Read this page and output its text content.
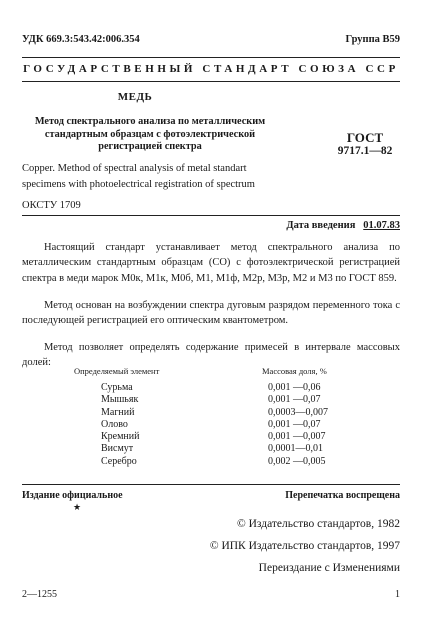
УДК 669.3:543.42:006.354	Группа В59
ГОСУДАРСТВЕННЫЙ СТАНДАРТ СОЮЗА ССР
МЕДЬ
Метод спектрального анализа по металлическим стандартным образцам с фотоэлектрической регистрацией спектра
ГОСТ
9717.1—82
Copper. Method of spectral analysis of metal standart
specimens with photoelectrical registration of spectrum
ОКСТУ 1709
Дата введения 01.07.83
Настоящий стандарт устанавливает метод спектрального анализа по металлическим стандартным образцам (СО) с фотоэлектрической регистрацией спектра в меди марок М0к, М1к, М0б, М1, М1ф, М2р, М3р, М2 и М3 по ГОСТ 859.
Метод основан на возбуждении спектра дуговым разрядом переменного тока с последующей регистрацией его оптическим квантометром.
Метод позволяет определять содержание примесей в интервале массовых долей:
Определяемый элемент	Массовая доля, %
Сурьма	0,001 —0,06
Мышьяк	0,001 —0,07
Магний	0,0003—0,007
Олово	0,001 —0,07
Кремний	0,001 —0,007
Висмут	0,0001—0,01
Серебро	0,002 —0,005
Издание официальное
★
Перепечатка воспрещена
© Издательство стандартов, 1982
© ИПК Издательство стандартов, 1997
Переиздание с Изменениями
2—1255	1
